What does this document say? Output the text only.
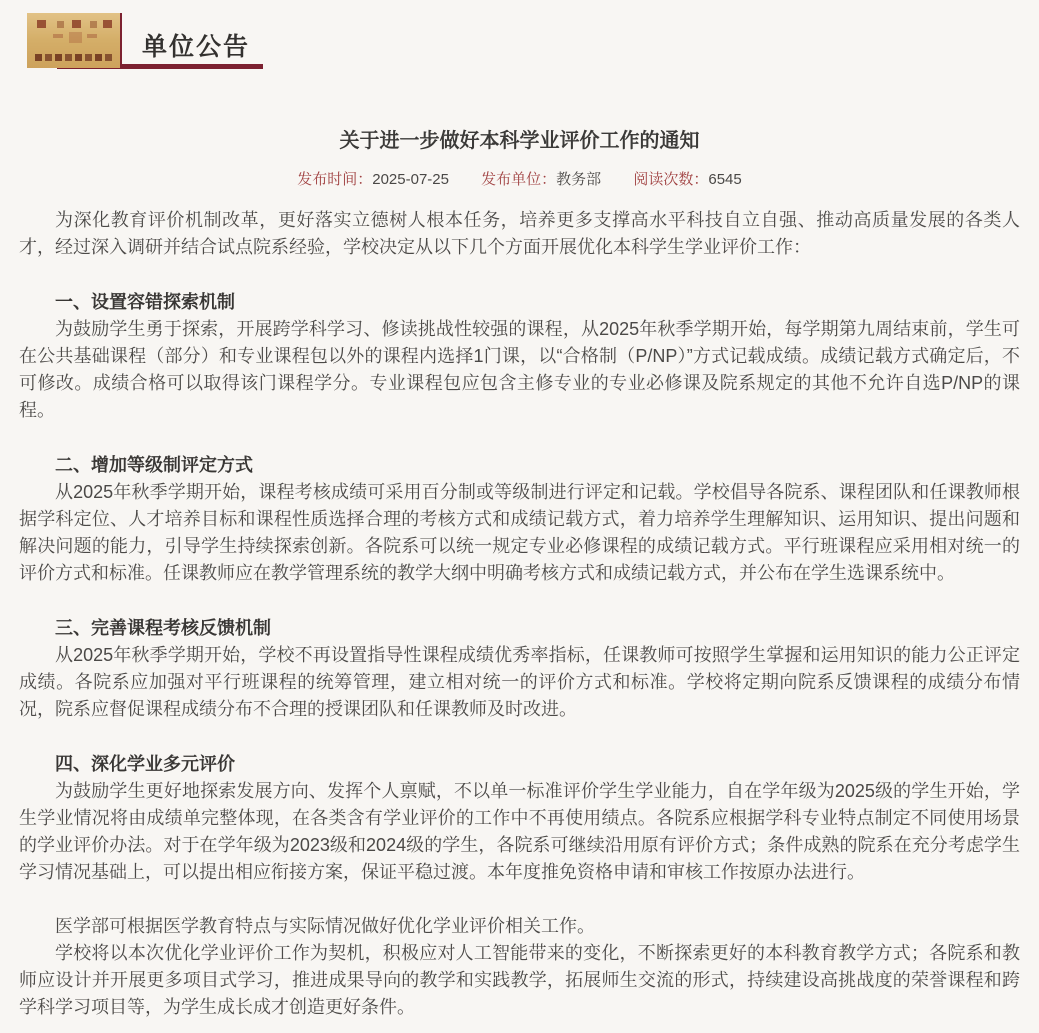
单位公告
关于进一步做好本科学业评价工作的通知
发布时间：2025-07-25 发布单位：教务部 阅读次数：6545

为深化教育评价机制改革，更好落实立德树人根本任务，培养更多支撑高水平科技自立自强、推动高质量发展的各类人才，经过深入调研并结合试点院系经验，学校决定从以下几个方面开展优化本科学生学业评价工作：

一、设置容错探索机制

为鼓励学生勇于探索，开展跨学科学习、修读挑战性较强的课程，从2025年秋季学期开始，每学期第九周结束前，学生可在公共基础课程（部分）和专业课程包以外的课程内选择1门课，以“合格制（P/NP）”方式记载成绩。成绩记载方式确定后，不可修改。成绩合格可以取得该门课程学分。专业课程包应包含主修专业的专业必修课及院系规定的其他不允许自选P/NP的课程。

二、增加等级制评定方式

从2025年秋季学期开始，课程考核成绩可采用百分制或等级制进行评定和记载。学校倡导各院系、课程团队和任课教师根据学科定位、人才培养目标和课程性质选择合理的考核方式和成绩记载方式，着力培养学生理解知识、运用知识、提出问题和解决问题的能力，引导学生持续探索创新。各院系可以统一规定专业必修课程的成绩记载方式。平行班课程应采用相对统一的评价方式和标准。任课教师应在教学管理系统的教学大纲中明确考核方式和成绩记载方式，并公布在学生选课系统中。

三、完善课程考核反馈机制

从2025年秋季学期开始，学校不再设置指导性课程成绩优秀率指标，任课教师可按照学生掌握和运用知识的能力公正评定成绩。各院系应加强对平行班课程的统筹管理，建立相对统一的评价方式和标准。学校将定期向院系反馈课程的成绩分布情况，院系应督促课程成绩分布不合理的授课团队和任课教师及时改进。

四、深化学业多元评价

为鼓励学生更好地探索发展方向、发挥个人禀赋，不以单一标准评价学生学业能力，自在学年级为2025级的学生开始，学生学业情况将由成绩单完整体现，在各类含有学业评价的工作中不再使用绩点。各院系应根据学科专业特点制定不同使用场景的学业评价办法。对于在学年级为2023级和2024级的学生，各院系可继续沿用原有评价方式；条件成熟的院系在充分考虑学生学习情况基础上，可以提出相应衔接方案，保证平稳过渡。本年度推免资格申请和审核工作按原办法进行。

医学部可根据医学教育特点与实际情况做好优化学业评价相关工作。

学校将以本次优化学业评价工作为契机，积极应对人工智能带来的变化，不断探索更好的本科教育教学方式；各院系和教师应设计并开展更多项目式学习，推进成果导向的教学和实践教学，拓展师生交流的形式，持续建设高挑战度的荣誉课程和跨学科学习项目等，为学生成长成才创造更好条件。
